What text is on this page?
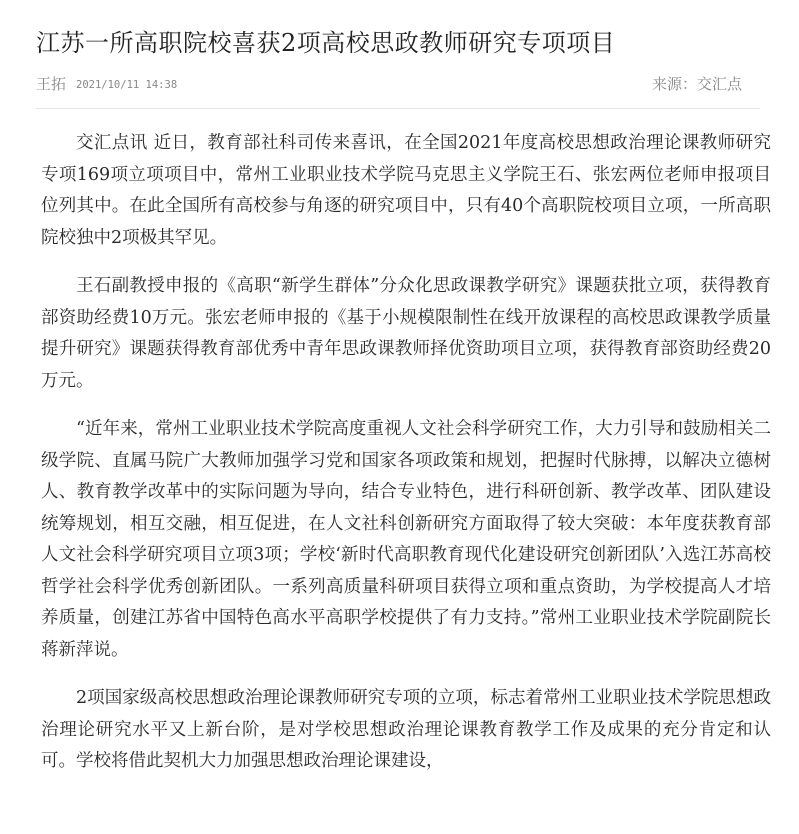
江苏一所高职院校喜获2项高校思政教师研究专项项目
王拓 2021/10/11 14:38	来源：交汇点

交汇点讯 近日，教育部社科司传来喜讯，在全国2021年度高校思想政治理论课教师研究专项169项立项项目中，常州工业职业技术学院马克思主义学院王石、张宏两位老师申报项目位列其中。在此全国所有高校参与角逐的研究项目中，只有40个高职院校项目立项，一所高职院校独中2项极其罕见。

王石副教授申报的《高职“新学生群体”分众化思政课教学研究》课题获批立项，获得教育部资助经费10万元。张宏老师申报的《基于小规模限制性在线开放课程的高校思政课教学质量提升研究》课题获得教育部优秀中青年思政课教师择优资助项目立项，获得教育部资助经费20万元。

“近年来，常州工业职业技术学院高度重视人文社会科学研究工作，大力引导和鼓励相关二级学院、直属马院广大教师加强学习党和国家各项政策和规划，把握时代脉搏，以解决立德树人、教育教学改革中的实际问题为导向，结合专业特色，进行科研创新、教学改革、团队建设统筹规划，相互交融，相互促进，在人文社科创新研究方面取得了较大突破：本年度获教育部人文社会科学研究项目立项3项；学校‘新时代高职教育现代化建设研究创新团队’入选江苏高校哲学社会科学优秀创新团队。一系列高质量科研项目获得立项和重点资助，为学校提高人才培养质量，创建江苏省中国特色高水平高职学校提供了有力支持。”常州工业职业技术学院副院长蒋新萍说。

2项国家级高校思想政治理论课教师研究专项的立项，标志着常州工业职业技术学院思想政治理论研究水平又上新台阶，是对学校思想政治理论课教育教学工作及成果的充分肯定和认可。学校将借此契机大力加强思想政治理论课建设，
